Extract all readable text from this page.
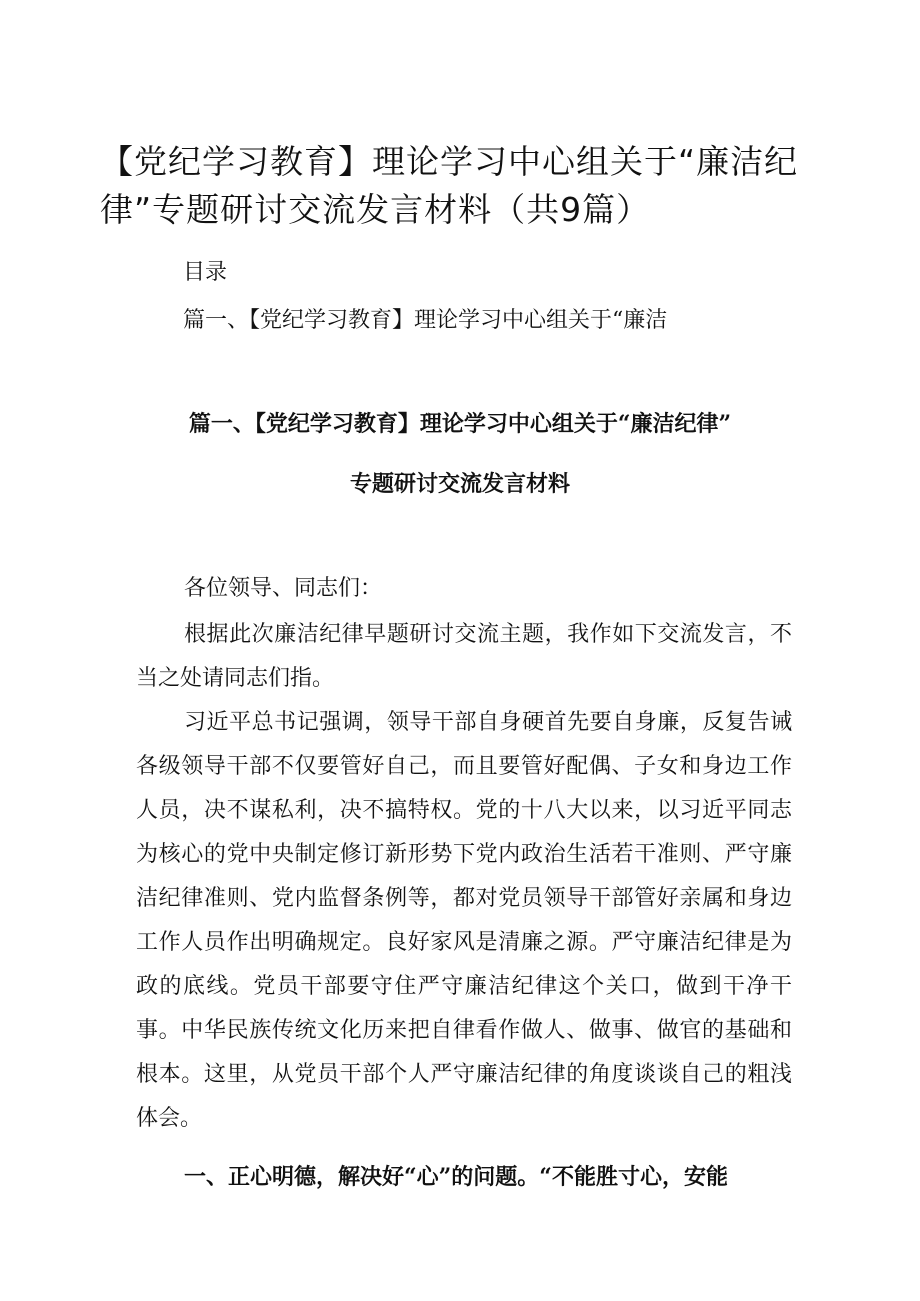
【党纪学习教育】理论学习中心组关于“廉洁纪律”专题研讨交流发言材料（共9篇）

目录

篇一、【党纪学习教育】理论学习中心组关于“廉洁

篇一、【党纪学习教育】理论学习中心组关于“廉洁纪律”
专题研讨交流发言材料

各位领导、同志们：

根据此次廉洁纪律早题研讨交流主题，我作如下交流发言，不当之处请同志们指。

习近平总书记强调，领导干部自身硬首先要自身廉，反复告诫各级领导干部不仅要管好自己，而且要管好配偶、子女和身边工作人员，决不谋私利，决不搞特权。党的十八大以来，以习近平同志为核心的党中央制定修订新形势下党内政治生活若干准则、严守廉洁纪律准则、党内监督条例等，都对党员领导干部管好亲属和身边工作人员作出明确规定。良好家风是清廉之源。严守廉洁纪律是为政的底线。党员干部要守住严守廉洁纪律这个关口，做到干净干事。中华民族传统文化历来把自律看作做人、做事、做官的基础和根本。这里，从党员干部个人严守廉洁纪律的角度谈谈自己的粗浅体会。

一、正心明德，解决好“心”的问题。“不能胜寸心，安能
